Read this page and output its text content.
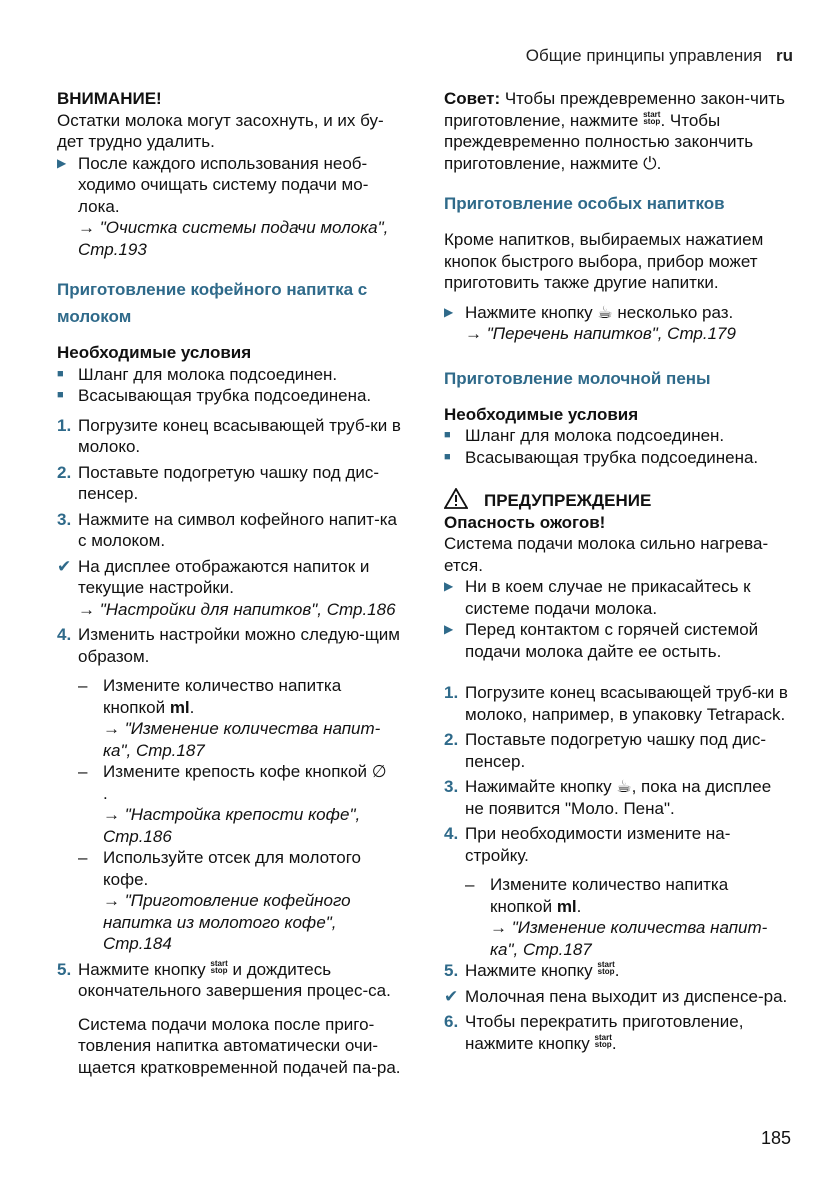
Общие принципы управления ru

ВНИМАНИЕ!

Остатки молока могут засохнуть, и их бу-дет трудно удалить.

▶ После каждого использования необ-ходимо очищать систему подачи мо-лока.

→ "Очистка системы подачи молока", Стр.193

Приготовление кофейного напитка с молоком

Необходимые условия

■ Шланг для молока подсоединен.
■ Всасывающая трубка подсоединена.
1. Погрузите конец всасывающей труб-ки в молоко.
2. Поставьте подогретую чашку под дис-пенсер.
3. Нажмите на символ кофейного напит-ка с молоком.
✔ На дисплее отображаются напиток и текущие настройки.

→ "Настройки для напитков", Стр.186

4. Изменить настройки можно следую-щим образом.
– Измените количество напитка кнопкой ml.

→ "Изменение количества напит-ка", Стр.187

– Измените крепость кофе кнопкой ∅
.

→ "Настройка крепости кофе", Стр.186

– Используйте отсек для молотого кофе.

→ "Приготовление кофейного напитка из молотого кофе", Стр.184

5. Нажмите кнопку start
stop и дождитесь окончательного завершения процес-са.

Система подачи молока после приго-товления напитка автоматически очи-щается кратковременной подачей па-ра.

Совет: Чтобы преждевременно закон-чить приготовление, нажмите start
stop. Чтобы преждевременно полностью закончить приготовление, нажмите ⏻.

Приготовление особых напитков

Кроме напитков, выбираемых нажатием кнопок быстрого выбора, прибор может приготовить также другие напитки.

▶ Нажмите кнопку ☕ несколько раз.

→ "Перечень напитков", Стр.179

Приготовление молочной пены

Необходимые условия

■ Шланг для молока подсоединен.
■ Всасывающая трубка подсоединена.

ПРЕДУПРЕЖДЕНИЕ

Опасность ожогов!

Система подачи молока сильно нагрева-ется.

▶ Ни в коем случае не прикасайтесь к системе подачи молока.
▶ Перед контактом с горячей системой подачи молока дайте ее остыть.
1. Погрузите конец всасывающей труб-ки в молоко, например, в упаковку Tetrapack.
2. Поставьте подогретую чашку под дис-пенсер.
3. Нажимайте кнопку ☕, пока на дисплее не появится "Моло. Пена".
4. При необходимости измените на-стройку.
– Измените количество напитка кнопкой ml.

→ "Изменение количества напит-ка", Стр.187

5. Нажмите кнопку start
stop.
✔ Молочная пена выходит из диспенсе-ра.
6. Чтобы перекратить приготовление, нажмите кнопку start
stop.
185
